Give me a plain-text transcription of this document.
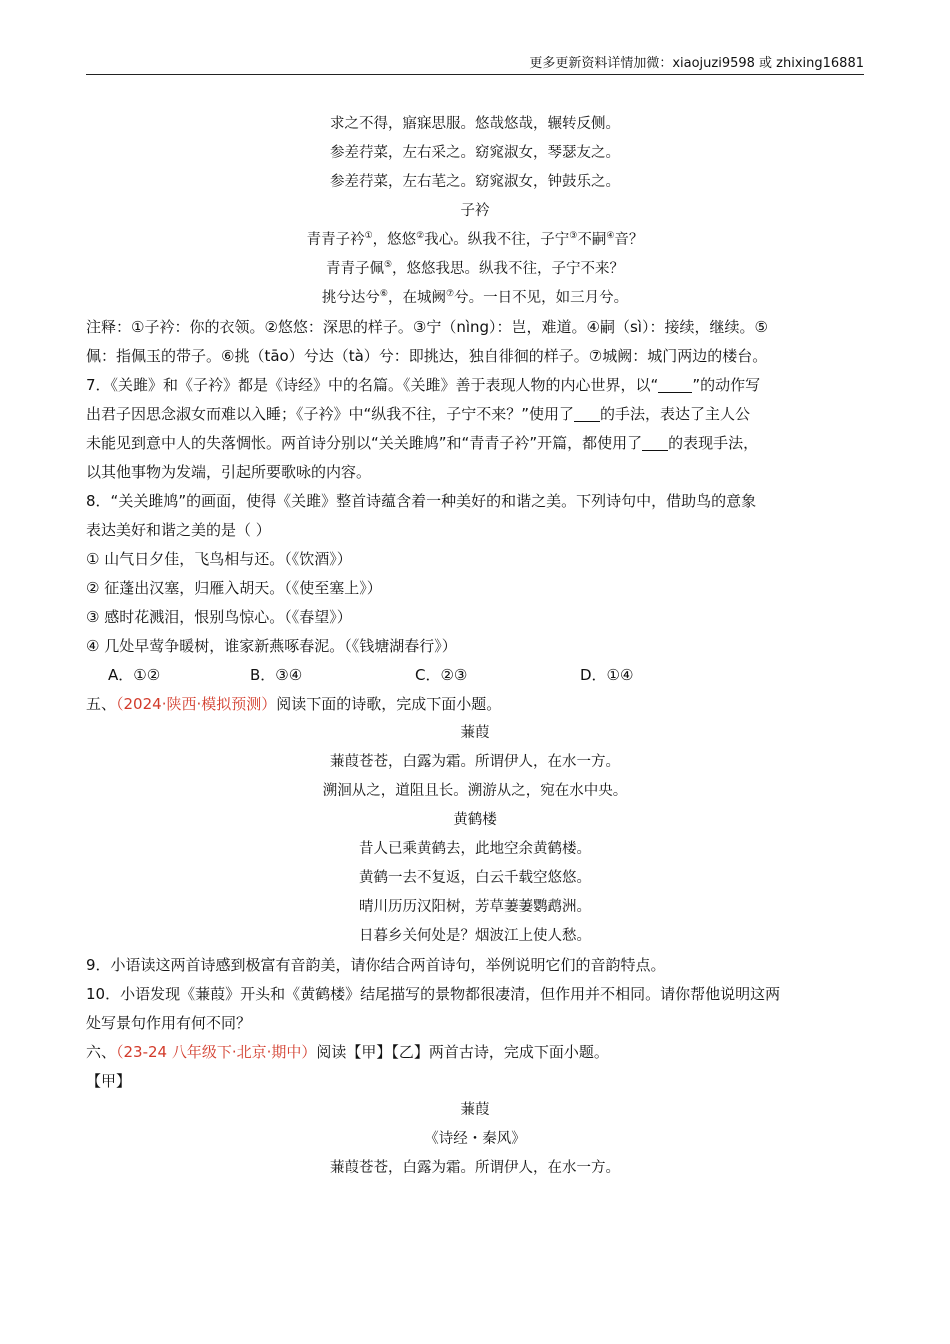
更多更新资料详情加微：xiaojuzi9598 或 zhixing16881
求之不得，寤寐思服。悠哉悠哉，辗转反侧。
参差荇菜，左右采之。窈窕淑女，琴瑟友之。
参差荇菜，左右芼之。窈窕淑女，钟鼓乐之。
子衿
青青子衿①，悠悠②我心。纵我不往，子宁③不嗣④音？
青青子佩⑤，悠悠我思。纵我不往，子宁不来？
挑兮达兮⑥，在城阙⑦兮。一日不见，如三月兮。
注释：①子衿：你的衣领。②悠悠：深思的样子。③宁（nìng）：岂，难道。④嗣（sì）：接续，继续。⑤
佩：指佩玉的带子。⑥挑（tāo）兮达（tà）兮：即挑达，独自徘徊的样子。⑦城阙：城门两边的楼台。
7．《关雎》和《子衿》都是《诗经》中的名篇。《关雎》善于表现人物的内心世界，以“ ”的动作写
出君子因思念淑女而难以入睡；《子衿》中“纵我不往，子宁不来？”使用了 的手法，表达了主人公
未能见到意中人的失落惆怅。两首诗分别以“关关雎鸠”和“青青子衿”开篇，都使用了 的表现手法，
以其他事物为发端，引起所要歌咏的内容。
8．“关关雎鸠”的画面，使得《关雎》整首诗蕴含着一种美好的和谐之美。下列诗句中，借助鸟的意象
表达美好和谐之美的是（ ）
① 山气日夕佳，飞鸟相与还。（《饮酒》）
② 征蓬出汉塞，归雁入胡天。（《使至塞上》）
③ 感时花溅泪，恨别鸟惊心。（《春望》）
④ 几处早莺争暖树，谁家新燕啄春泥。（《钱塘湖春行》）
A．①②	B．③④	C．②③	D．①④
五、（2024·陕西·模拟预测）阅读下面的诗歌，完成下面小题。
蒹葭
蒹葭苍苍，白露为霜。所谓伊人，在水一方。
溯洄从之，道阻且长。溯游从之，宛在水中央。
黄鹤楼
昔人已乘黄鹤去，此地空余黄鹤楼。
黄鹤一去不复返，白云千载空悠悠。
晴川历历汉阳树，芳草萋萋鹦鹉洲。
日暮乡关何处是？烟波江上使人愁。
9．小语读这两首诗感到极富有音韵美，请你结合两首诗句，举例说明它们的音韵特点。
10．小语发现《蒹葭》开头和《黄鹤楼》结尾描写的景物都很凄清，但作用并不相同。请你帮他说明这两
处写景句作用有何不同？
六、（23-24 八年级下·北京·期中）阅读【甲】【乙】两首古诗，完成下面小题。
【甲】
蒹葭
《诗经・秦风》
蒹葭苍苍，白露为霜。所谓伊人，在水一方。
